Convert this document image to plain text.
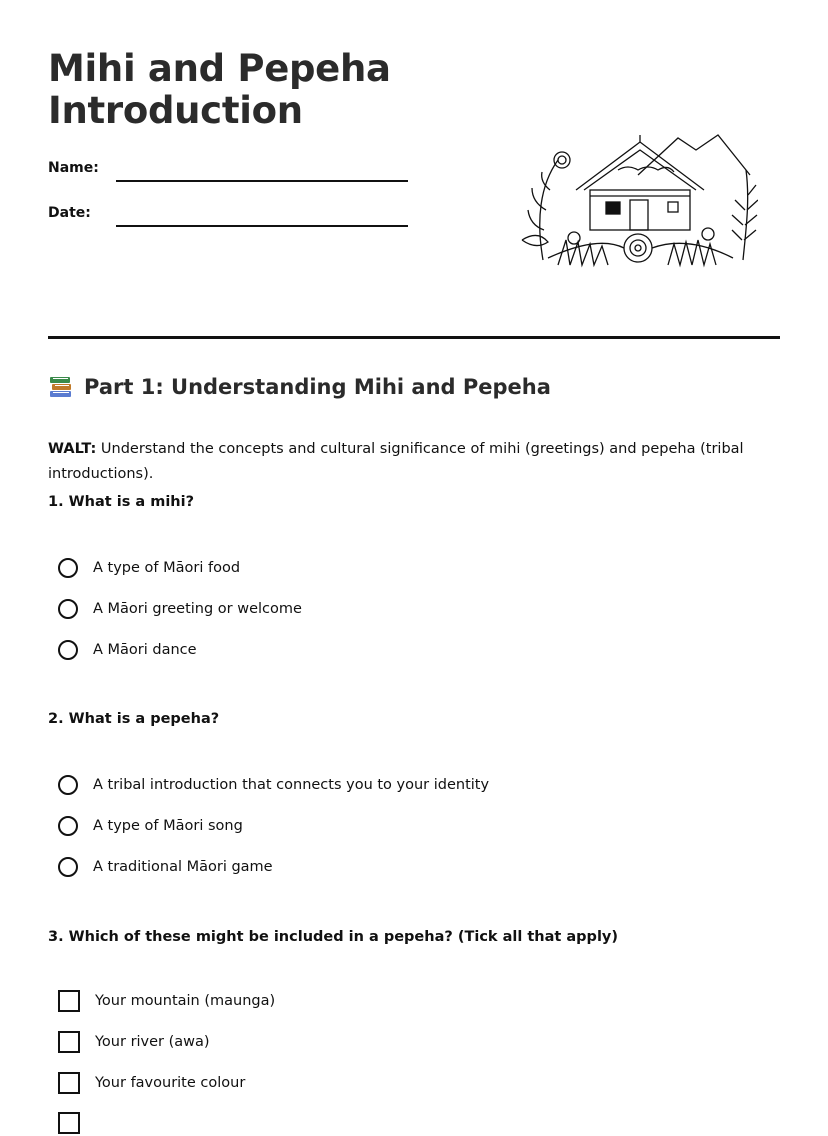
Mihi and Pepeha Introduction
Name:
Date:
Part 1: Understanding Mihi and Pepeha

WALT: Understand the concepts and cultural significance of mihi (greetings) and pepeha (tribal introductions).

1. What is a mihi?
A type of Māori food
A Māori greeting or welcome
A Māori dance
2. What is a pepeha?
A tribal introduction that connects you to your identity
A type of Māori song
A traditional Māori game
3. Which of these might be included in a pepeha? (Tick all that apply)
Your mountain (maunga)
Your river (awa)
Your favourite colour
